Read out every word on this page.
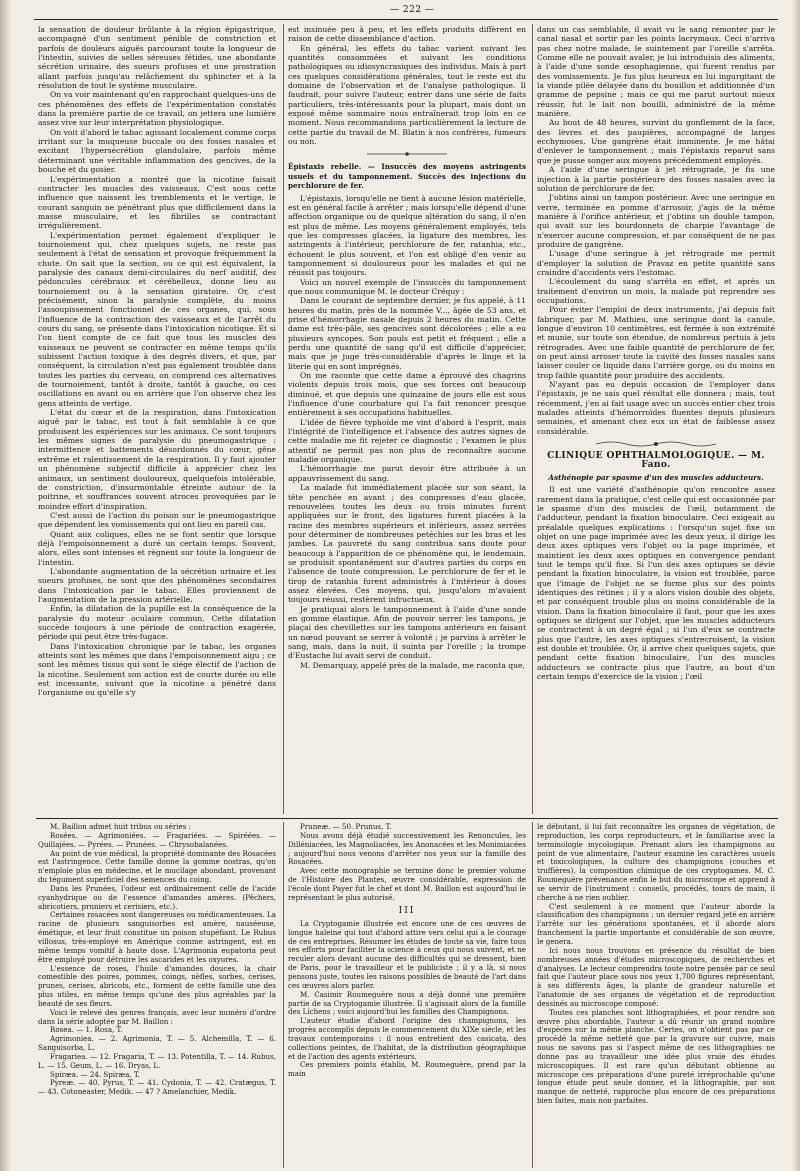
— 222 —

la sensation de douleur brûlante à la région épigastrique, accompagné d'un sentiment pénible de constriction et parfois de douleurs aiguës parcourant toute la longueur de l'intestin, suivies de selles séreuses fétides, une abondante sécrétion urinaire, des sueurs profuses et une prostration allant parfois jusqu'au relâchement du sphincter et à la résolution de tout le système musculaire.

On va voir maintenant qu'en rapprochant quelques-uns de ces phénomènes des effets de l'expérimentation constatés dans la première partie de ce travail, on jettera une lumière assez vive sur leur interprétation physiologique.

On voit d'abord le tabac agissant localement comme corps irritant sur la muqueuse buccale ou des fosses nasales et excitant l'hypersécrétion glandulaire, parfois même déterminant une véritable inflammation des gencives, de la bouche et du gosier.

L'expérimentation a montré que la nicotine faisait contracter les muscles des vaisseaux. C'est sous cette influence que naissent les tremblements et le vertige, le courant sanguin ne pénétrant plus que difficilement dans la masse musculaire, et les fibrilles se contractant irrégulièrement.

L'expérimentation permet également d'expliquer le tournoiement qui, chez quelques sujets, ne reste pas seulement à l'état de sensation et provoque fréquemment la chute. On sait que la section, ou ce qui est équivalent, la paralysie des canaux demi-circulaires du nerf auditif, des pédoncules cérébraux et cérébelleux, donne lieu au tournoiement ou à la sensation giratoire. Or, c'est précisément, sinon la paralysie complète, du moins l'assoupissement fonctionnel de ces organes, qui, sous l'influence de la contraction des vaisseaux et de l'arrêt du cours du sang, se présente dans l'intoxication nicotique. Et si l'on tient compte de ce fait que tous les muscles des vaisseaux ne peuvent se contracter en même temps qu'ils subissent l'action toxique à des degrés divers, et que, par conséquent, la circulation n'est pas également troublée dans toutes les parties du cerveau, on comprend ces alternatives de tournoiement, tantôt à droite, tantôt à gauche, ou ces oscillations en avant ou en arrière que l'on observe chez les gens atteints de vertige.

L'état du cœur et de la respiration, dans l'intoxication aiguë par le tabac, est tout à fait semblable à ce que produisent les expériences sur les animaux. Ce sont toujours les mêmes signes de paralysie du pneumogastrique : intermittence et battements désordonnés du cœur, gêne extrême et ralentissement de la respiration. Il y faut ajouter un phénomène subjectif difficile à apprécier chez les animaux, un sentiment douloureux, quelquefois intolérable, de constriction, d'insurmontable étreinte autour de la poitrine, et souffrances souvent atroces provoquées par le moindre effort d'inspiration.

C'est aussi de l'action du poison sur le pneumogastrique que dépendent les vomissements qui ont lieu en pareil cas.

Quant aux coliques, elles ne se font sentir que lorsque déjà l'empoisonnement a duré un certain temps. Souvent, alors, elles sont intenses et règnent sur toute la longueur de l'intestin.

L'abondante augmentation de la sécrétion urinaire et les sueurs profuses, ne sont que des phénomènes secondaires dans l'intoxication par le tabac. Elles proviennent de l'augmentation de la pression artérielle.

Enfin, la dilatation de la pupille est la conséquence de la paralysie du moteur oculaire commun. Cette dilatation succède toujours à une période de contraction exagérée, période qui peut être très-fugace.

Dans l'intoxication chronique par le tabac, les organes atteints sont les mêmes que dans l'empoisonnement aigu ; ce sont les mêmes tissus qui sont le siége électif de l'action de la nicotine. Seulement son action est de courte durée ou elle est incessante, suivant que la nicotine a pénétré dans l'organisme ou qu'elle s'y

est insinuée peu à peu, et les effets produits diffèrent en raison de cette dissemblance d'action.

En général, les effets du tabac varient suivant les quantités consommées et suivant les conditions pathologiques ou idiosyncrasiques des individus. Mais à part ces quelques considérations générales, tout le reste est du domaine de l'observation et de l'analyse pathologique. Il faudrait, pour suivre l'auteur, entrer dans une série de faits particuliers, très-intéressants pour la plupart, mais dont un exposé même sommaire nous entraînerait trop loin en ce moment. Nous recommandons particulièrement la lecture de cette partie du travail de M. Blatin à nos confrères, fumeurs ou non.

Épistaxis rebelle. — Insuccès des moyens astringents usuels et du tamponnement. Succès des injections du perchlorure de fer.

L'épistaxis, lorsqu'elle ne tient à aucune lésion matérielle, est en général facile à arrêter ; mais lorsqu'elle dépend d'une affection organique ou de quelque altération du sang, il n'en est plus de même. Les moyens généralement employés, tels que les compresses glacées, la ligature des membres, les astringents à l'intérieur, perchlorure de fer, ratanhia, etc., échouent le plus souvent, et l'on est obligé d'en venir au tamponnement si douloureux pour les malades et qui ne réussit pas toujours.

Voici un nouvel exemple de l'insuccès du tamponnement que nous communique M. le docteur Créquy :

Dans le courant de septembre dernier, je fus appelé, à 11 heures du matin, près de la nommée V..., âgée de 53 ans, et prise d'hémorrhagie nasale depuis 2 heures du matin. Cette dame est très-pâle, ses gencives sont décolorées ; elle a eu plusieurs syncopes. Son pouls est petit et fréquent ; elle a perdu une quantité de sang qu'il est difficile d'apprécier, mais que je juge très-considérable d'après le linge et la literie qui en sont imprégnés.

On me raconte que cette dame a éprouvé des chagrins violents depuis trois mois, que ses forces ont beaucoup diminué, et que depuis une quinzaine de jours elle est sous l'influence d'une courbature qui l'a fait renoncer presque entièrement à ses occupations habituelles.

L'idée de fièvre typhoïde me vint d'abord à l'esprit, mais l'intégrité de l'intelligence et l'absence des autres signes de cette maladie me fit rejeter ce diagnostic ; l'examen le plus attentif ne permit pas non plus de reconnaître aucune maladie organique.

L'hémorrhagie me parut devoir être attribuée à un appauvrissement du sang.

La malade fut immédiatement placée sur son séant, la tête penchée en avant ; des compresses d'eau glacée, renouvelées toutes les deux ou trois minutes furent appliquées sur le front, des ligatures furent placées à la racine des membres supérieurs et inférieurs, assez serrées pour déterminer de nombreuses petéchies sur les bras et les jambes. La pauvreté du sang contribua sans doute pour beaucoup à l'apparition de ce phénomène qui, le lendemain, se produisit spontanément sur d'autres parties du corps en l'absence de toute compression. Le perchlorure de fer et le tirop de ratanhia furent administrés à l'intérieur à doses assez élevées. Ces moyens, qui, jusqu'alors m'avaient toujours réussi, restèrent infructueux.

Je pratiquai alors le tamponnement à l'aide d'une sonde en gomme élastique. Afin de pouvoir serrer les tampons, je plaçai des chevillettes sur les tampons antérieurs en faisant un nœud pouvant se serrer à volonté ; je parvins à arrêter le sang, mais, dans la nuit, il suinta par l'oreille ; la trompe d'Eustache lui avait servi de conduit.

M. Demarquay, appelé près de la malade, me raconta que,

dans un cas semblable, il avait vu le sang remonter par le canal nasal et sortir par les points lacrymaux. Ceci n'arriva pas chez notre malade, le suintement par l'oreille s'arrêta. Comme elle ne pouvait avaler, je lui introduisis des aliments, à l'aide d'une sonde œsophagienne, qui furent rendus par des vomissements. Je fus plus heureux en lui ingurgitant de la viande pilée délayée dans du bouillon et additionnée d'un gramme de pepsine ; mais ce qui me parut surtout mieux réussir, fut le lait non bouilli, administré de la même manière.

Au bout de 48 heures, survint du gonflement de la face, des lèvres et des paupières, accompagné de larges ecchymoses. Une gangrène était imminente. Je me hâtai d'enlever le tamponnement ; mais l'épistaxis reparut sans que je pusse songer aux moyens précédemment employés.

A l'aide d'une seringue à jet rétrograde, je fis une injection à la partie postérieure des fosses nasales avec la solution de perchlorure de fer.

J'obtins ainsi un tampon postérieur. Avec une seringue en verre, terminée en pomme d'arrosoir, j'agis de la même manière à l'orifice antérieur, et j'obtins un double tampon, qui avait sur les bourdonnets de charpie l'avantage de n'exercer aucune compression, et par conséquent de ne pas produire de gangrène.

L'usage d'une seringue à jet rétrograde me permit d'employer la solution de Pravaz en petite quantité sans craindre d'accidents vers l'estomac.

L'écoulement du sang s'arrêta en effet, et après un traitement d'environ un mois, la malade put reprendre ses occupations.

Pour éviter l'emploi de deux instruments, j'ai depuis fait fabriquer, par M. Mathieu, une seringue dont la canule, longue d'environ 10 centimètres, est fermée à son extrémité et munie, sur toute son étendue, de nombreux pertuis à jets rétrogrades. Avec une faible quantité de perchlorure de fer, on peut ainsi arroser toute la cavité des fosses nasales sans laisser couler ce liquide dans l'arrière gorge, ou du moins en trop faible quantité pour produire des accidents.

N'ayant pas eu depuis occasion de l'employer dans l'épistaxis, je ne sais quel résultat elle donnera ; mais, tout récemment, j'en ai fait usage avec un succès entier chez trois malades atteints d'hémorroïdes fluentes depuis plusieurs semaines, et amenant chez eux un état de faiblesse assez considérable.

CLINIQUE OPHTHALMOLOGIQUE. — M. Fano.
Asthénopie par spasme d'un des muscles adducteurs.

Il est une variété d'asthénopie qu'on rencontre assez rarement dans la pratique, c'est celle qui est occasionnée par le spasme d'un des muscles de l'œil, notamment de l'adducteur, pendant la fixation binoculaire. Ceci exigeait au préalable quelques explications : l'orsqu'un sujet fixe un objet on une page imprimée avec les deux yeux, il dirige les deux axes optiques vers l'objet ou la page imprimée, et maintient les deux axes optiques en convergence pendant tout le temps qu'il fixe. Si l'un des axes optiques se dévie pendant la fixation binoculaire, la vision est troublée, parce que l'image de l'objet ne se forme plus sur des points identiques des rétines ; il y a alors vision double des objets, et par conséquent trouble plus ou moins considérable de la vision. Dans la fixation binoculaire il faut, pour que les axes optiques se dirigent sur l'objet, que les muscles adducteurs se contractent à un degré égal ; si l'un d'eux se contracte plus que l'autre, les axes optiques s'entrecroisent, la vision est double et troublée. Or, il arrive chez quelques sujets, que pendant cette fixation binoculaire, l'un des muscles adducteurs se contracte plus que l'autre, au bout d'un certain temps d'exercice de la vision ; l'œil

M. Baillon admet huit tribus ou séries :

Rosées. — Agrimoniées. — Fragariées. — Spiréées. — Quillajées. — Pyrées. — Prunées. — Chrysobalanées.

Au point de vue médical, la propriété dominante des Rosacées est l'astringence. Cette famille donne la gomme nostras, qu'on n'emploie plus en médecine, et le mucilage abondant, provenant du tégument superficiel des semences du coing.

Dans les Prunées, l'odeur est ordinairement celle de l'acide cyanhydrique ou de l'essence d'amandes amères. (Pêchers, abricotiers, pruniers et cerisiers, etc.).

Certaines rosacées sont dangereuses ou médicamenteuses. La racine de plusieurs sanguisorbes est amère, nauséeuse, émétique, et leur fruit constitue un poison stupéfiant. Le Rubus villosus, très-employé en Amérique comme astringent, est en même temps vomitif à haute dose. L'Agrimonia eupatoria peut être employé pour détruire les ascarides et les oxyures.

L'essence de roses, l'huile d'amandes douces, la chair comestible des poires, pommes, coings, nèfles, sorbes, cerises, prunes, cerises, abricots, etc., forment de cette famille une des plus utiles, en même temps qu'une des plus agréables par la beauté de ses fleurs.

Voici le relevé des genres français, avec leur numéro d'ordre dans la série adoptée par M. Baillon :

Rosea. — 1. Rosa, T.

Agrimoniea. — 2. Agrimonia, T. — 5. Alchemilla, T. — 6. Sanguisorba, L.

Fragariea. — 12. Fragaria, T. — 13. Potentilla, T. — 14. Rubus, L. — 15. Geum, L. — 16. Dryas, L.

Spiræa. — 24. Spiræa, T.

Pyreæ. — 40. Pyrus, T. — 41. Cydonia, T. — 42. Cratægus, T. — 43. Cotoneaster, Medik. — 47 ? Amelanchier, Medik.

Pruneæ. — 50. Prunus, T.

Nous avons déjà étudié successivement les Renoncules, les Dilléniacées, les Magnoliacées, les Anonacées et les Monimiacées ; aujourd'hui nous venons d'arrêter nos yeux sur la famille des Rosacées.

Avec cette monographie se termine donc le premier volume de l'Histoire des Plantes, œuvre considérable, expression de l'école dont Payer fut le chef et dont M. Baillon est aujourd'hui le représentant le plus autorisé.

III

La Cryptogamie illustrée est encore une de ces œuvres de longue haleine qui tout d'abord attire vers celui qui a le courage de ces entreprises. Résumer les études de toute sa vie, faire tous ses efforts pour faciliter la science à ceux qui nous suivent, et ne reculer alors devant aucune des difficultés qui se dressent, bien de Paris, pour le travailleur et le publiciste ; il y a là, si nous pensons juste, toutes les raisons possibles de beauté de l'art dans ces œuvres alors parler.

M. Casimir Roumeguère nous a déjà donné une première partie de sa Cryptogamie illustrée. Il s'agissait alors de la famille des Lichens ; voici aujourd'hui les familles des Champignons.

L'auteur étudie d'abord l'origine des champignons, les progrès accomplis depuis le commencement du XIXe siècle, et les travaux contemporains : il nous entretient des casicata, des collections peintes, de l'habitat, de la distribution géographique et de l'action des agents extérieurs.

Ces premiers points établis, M. Roumeguère, prend par la main

le débutant, il lui fait reconnaître les organes de végétation, de reproduction, les corps reproducteurs, et le familiarise avec la terminologie mycologique. Prenant alors les champignons au point de vue alimentaire, l'auteur examine les caractères usuels et toxicologiques, la culture des champignons (couches et truffières), la composition chimique de ces cryptogames. M. C. Roumeguère prévenance enfin le but du microscope et apprend à se servir de l'instrument : conseils, procédés, tours de main, il cherche à ne rien oublier.

C'est seulement à ce moment que l'auteur aborde la classification des champignons ; un dernier regard jeté en arrière l'arrête sur les générations spontanées, et il aborde alors franchement la partie importante et considérable de son œuvre, le genera.

Ici nous nous trouvons en présence du résultat de bien nombreuses années d'études microscopiques, de recherches et d'analyses. Le lecteur comprendra toute notre pensée par ce seul fait que l'auteur place sous nos yeux 1,700 figures représentant, à ses différents âges, la plante de grandeur naturelle et l'anatomie de ses organes de végétation et de reproduction dessinés au microscope composé.

Toutes ces planches sont lithographiées, et pour rendre son œuvre plus abordable, l'auteur a dû réunir un grand nombre d'espèces sur la même planche. Certes, on n'obtient pas par ce procédé la même netteté que par la gravure sur cuivre, mais nous ne savons pas si l'aspect même de ces lithographies ne donne pas au travailleur une idée plus vraie des études microscopiques. Il est rare qu'un débutant obtienne au microscope ces préparations d'une pureté irréprochable qu'une longue étude peut seule donner, et la lithographie, par son manque de netteté, rapproche plus encore de ces préparations bien faites, mais non parfaites.
